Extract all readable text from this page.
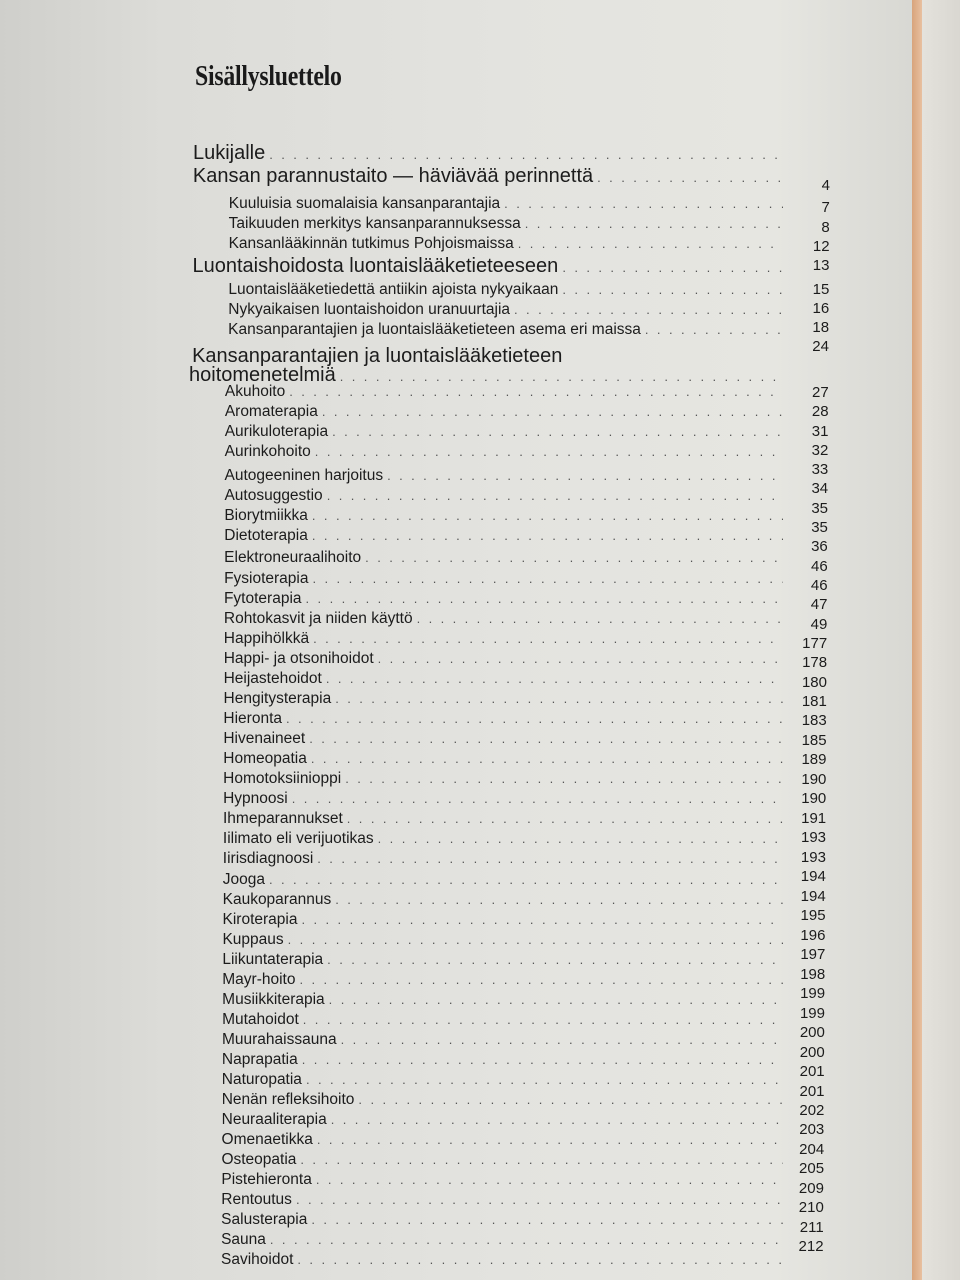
Sisällysluettelo
Lukijalle
. . .
Kansan parannustaito — häviävää perinnettä
. . .
Kuuluisia suomalaisia kansanparantajia
. . .
Taikuuden merkitys kansanparannuksessa
. . .
Kansanlääkinnän tutkimus Pohjoismaissa
. . .
Luontaishoidosta luontaislääketieteeseen
. . .
Luontaislääketiedettä antiikin ajoista nykyaikaan
. . .
Nykyaikaisen luontaishoidon uranuurtajia
. . .
Kansanparantajien ja luontaislääketieteen asema eri maissa
. . .
Kansanparantajien ja luontaislääketieteen
hoitomenetelmiä
. . .
Akuhoito
. . .
Aromaterapia
. . .
Aurikuloterapia
. . .
Aurinkohoito
. . .
Autogeeninen harjoitus
. . .
Autosuggestio
. . .
Biorytmiikka
. . .
Dietoterapia
. . .
Elektroneuraalihoito
. . .
Fysioterapia
. . .
Fytoterapia
. . .
Rohtokasvit ja niiden käyttö
. . .
Happihölkkä
. . .
Happi- ja otsonihoidot
. . .
Heijastehoidot
. . .
Hengitysterapia
. . .
Hieronta
. . .
Hivenaineet
. . .
Homeopatia
. . .
Homotoksiinioppi
. . .
Hypnoosi
. . .
Ihmeparannukset
. . .
Iilimato eli verijuotikas
. . .
Iirisdiagnoosi
. . .
Jooga
. . .
Kaukoparannus
. . .
Kiroterapia
. . .
Kuppaus
. . .
Liikuntaterapia
. . .
Mayr-hoito
. . .
Musiikkiterapia
. . .
Mutahoidot
. . .
Muurahaissauna
. . .
Naprapatia
. . .
Naturopatia
. . .
Nenän refleksihoito
. . .
Neuraaliterapia
. . .
Omenaetikka
. . .
Osteopatia
. . .
Pistehieronta
. . .
Rentoutus
. . .
Salusterapia
. . .
Sauna
. . .
Savihoidot
. . .
4
7
8
12
13
15
16
18
24
27
28
31
32
33
34
35
35
36
46
46
47
49
177
178
180
181
183
185
189
190
190
191
193
193
194
194
195
196
197
198
199
199
200
200
201
201
202
203
204
205
209
210
211
212
